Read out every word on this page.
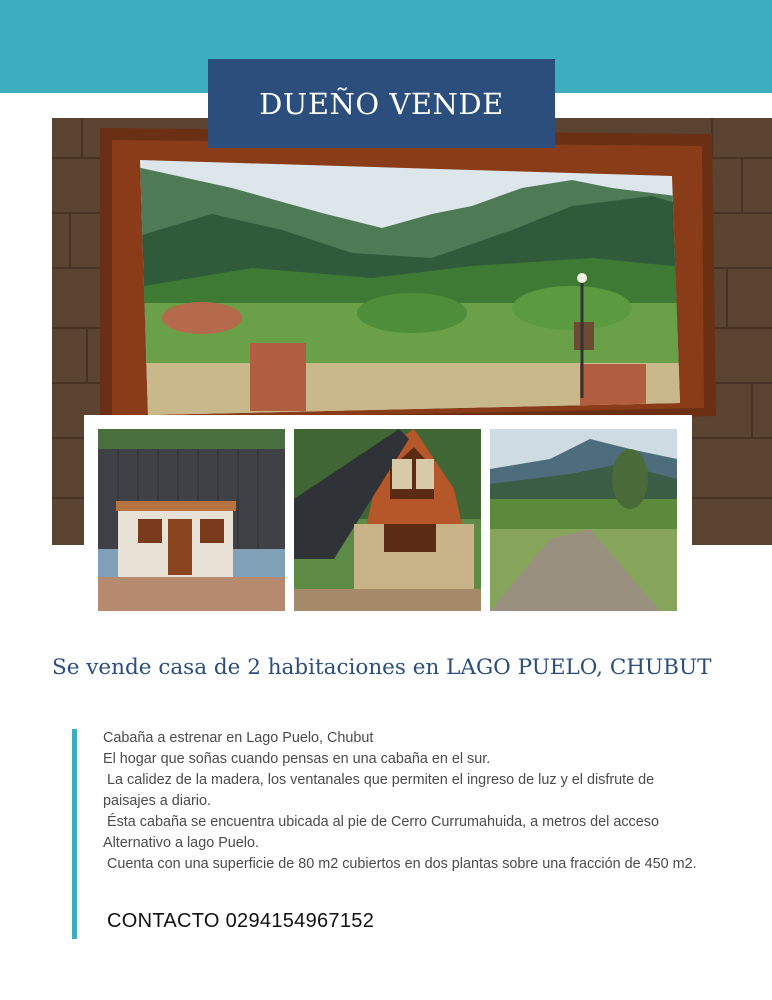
DUEÑO VENDE
Se vende casa de 2 habitaciones en LAGO PUELO, CHUBUT

Cabaña a estrenar en Lago Puelo, Chubut

El hogar que soñas cuando pensas en una cabaña en el sur.

La calidez de la madera, los ventanales que permiten el ingreso de luz y el disfrute de paisajes a diario.

Ésta cabaña se encuentra ubicada al pie de Cerro Currumahuida, a metros del acceso Alternativo a lago Puelo.

Cuenta con una superficie de 80 m2 cubiertos en dos plantas sobre una fracción de 450 m2.

CONTACTO 0294154967152
